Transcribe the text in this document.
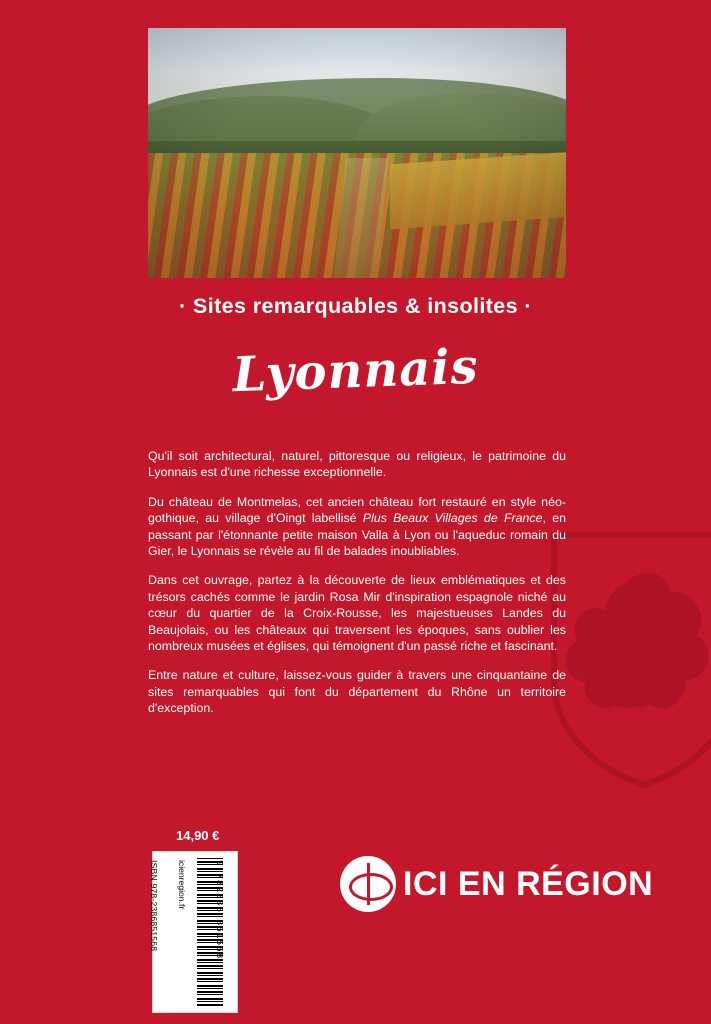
· Sites remarquables & insolites ·
Lyonnais

Qu'il soit architectural, naturel, pittoresque ou religieux, le patrimoine du Lyonnais est d'une richesse exceptionnelle.

Du château de Montmelas, cet ancien château fort restauré en style néo-gothique, au village d'Oingt labellisé Plus Beaux Villages de France, en passant par l'étonnante petite maison Valla à Lyon ou l'aqueduc romain du Gier, le Lyonnais se révèle au fil de balades inoubliables.

Dans cet ouvrage, partez à la découverte de lieux emblématiques et des trésors cachés comme le jardin Rosa Mir d'inspiration espagnole niché au cœur du quartier de la Croix-Rousse, les majestueuses Landes du Beaujolais, ou les châteaux qui traversent les époques, sans oublier les nombreux musées et églises, qui témoignent d'un passé riche et fascinant.

Entre nature et culture, laissez-vous guider à travers une cinquantaine de sites remarquables qui font du département du Rhône un territoire d'exception.

14,90 €
ISBN 978-2386851568 icienregion.fr	9 782386 851568	ICI EN RÉGION
